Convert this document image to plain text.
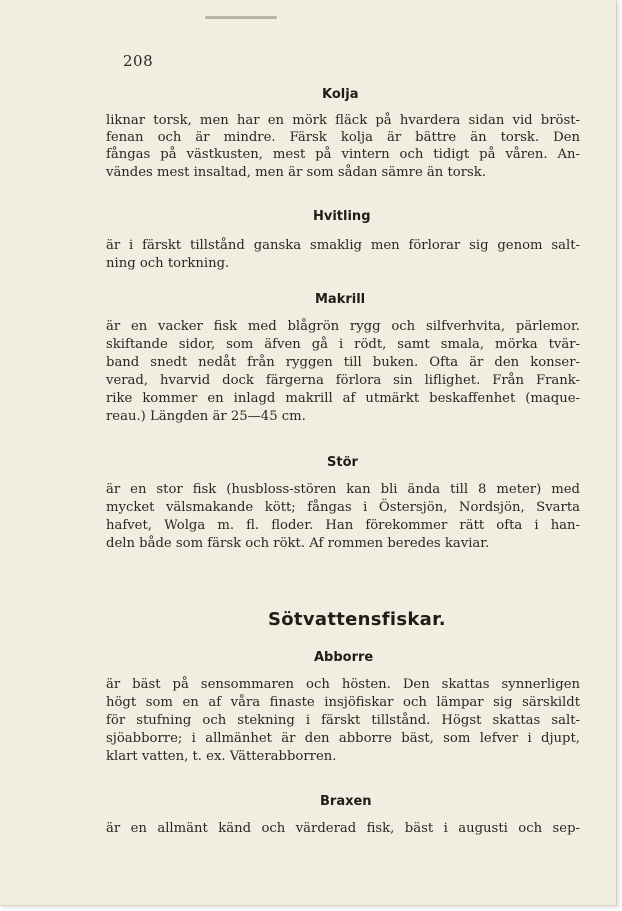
208
Kolja
liknar torsk, men har en mörk fläck på hvardera sidan vid bröst-
fenan och är mindre. Färsk kolja är bättre än torsk. Den
fångas på västkusten, mest på vintern och tidigt på våren. An-
vändes mest insaltad, men är som sådan sämre än torsk.
Hvitling
är i färskt tillstånd ganska smaklig men förlorar sig genom salt-
ning och torkning.
Makrill
är en vacker fisk med blågrön rygg och silfverhvita, pärlemor.
skiftande sidor, som äfven gå i rödt, samt smala, mörka tvär-
band snedt nedåt från ryggen till buken. Ofta är den konser-
verad, hvarvid dock färgerna förlora sin liflighet. Från Frank-
rike kommer en inlagd makrill af utmärkt beskaffenhet (maque-
reau.) Längden är 25—45 cm.
Stör
är en stor fisk (husbloss-stören kan bli ända till 8 meter) med
mycket välsmakande kött; fångas i Östersjön, Nordsjön, Svarta
hafvet, Wolga m. fl. floder. Han förekommer rätt ofta i han-
deln både som färsk och rökt. Af rommen beredes kaviar.
Sötvattensfiskar.
Abborre
är bäst på sensommaren och hösten. Den skattas synnerligen
högt som en af våra finaste insjöfiskar och lämpar sig särskildt
för stufning och stekning i färskt tillstånd. Högst skattas salt-
sjöabborre; i allmänhet är den abborre bäst, som lefver i djupt,
klart vatten, t. ex. Vätterabborren.
Braxen
är en allmänt känd och värderad fisk, bäst i augusti och sep-
